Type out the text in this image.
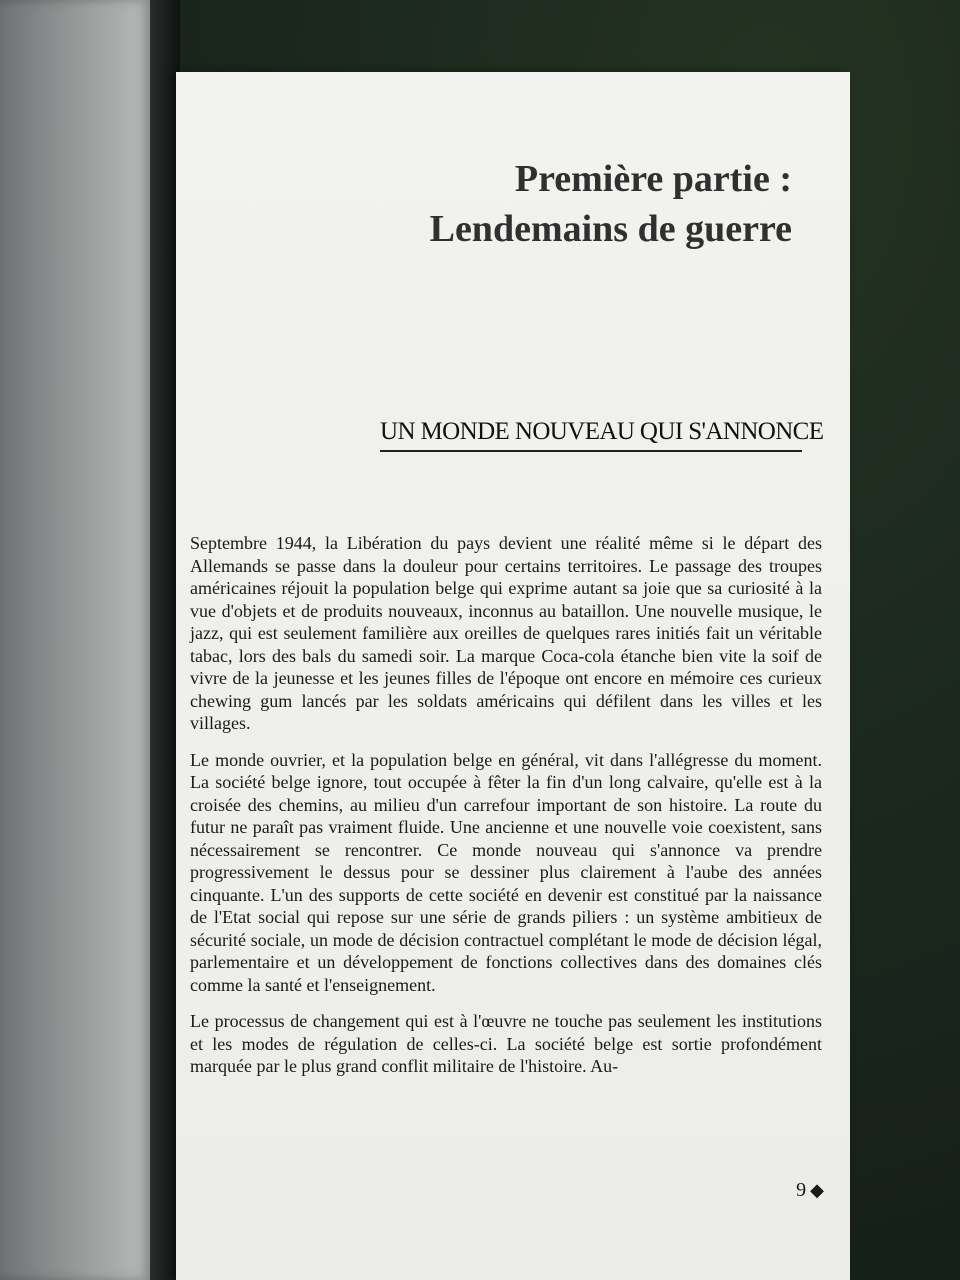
Première partie :
Lendemains de guerre
UN MONDE NOUVEAU QUI S'ANNONCE

Septembre 1944, la Libération du pays devient une réalité même si le départ des Allemands se passe dans la douleur pour certains territoires. Le passage des troupes américaines réjouit la population belge qui exprime autant sa joie que sa curiosité à la vue d'objets et de produits nouveaux, inconnus au bataillon. Une nouvelle musique, le jazz, qui est seulement familière aux oreilles de quelques rares initiés fait un véritable tabac, lors des bals du samedi soir. La marque Coca-cola étanche bien vite la soif de vivre de la jeunesse et les jeunes filles de l'époque ont encore en mémoire ces curieux chewing gum lancés par les soldats américains qui défilent dans les villes et les villages.

Le monde ouvrier, et la population belge en général, vit dans l'allégresse du moment. La société belge ignore, tout occupée à fêter la fin d'un long calvaire, qu'elle est à la croisée des chemins, au milieu d'un carrefour important de son histoire. La route du futur ne paraît pas vraiment fluide. Une ancienne et une nouvelle voie coexistent, sans nécessairement se rencontrer. Ce monde nouveau qui s'annonce va prendre progressivement le dessus pour se dessiner plus clairement à l'aube des années cinquante. L'un des supports de cette société en devenir est constitué par la naissance de l'Etat social qui repose sur une série de grands piliers : un système ambitieux de sécurité sociale, un mode de décision contractuel complétant le mode de décision légal, parlementaire et un développement de fonctions collectives dans des domaines clés comme la santé et l'enseignement.

Le processus de changement qui est à l'œuvre ne touche pas seulement les institutions et les modes de régulation de celles-ci. La société belge est sortie profondément marquée par le plus grand conflit militaire de l'histoire. Au-

9 ◆
